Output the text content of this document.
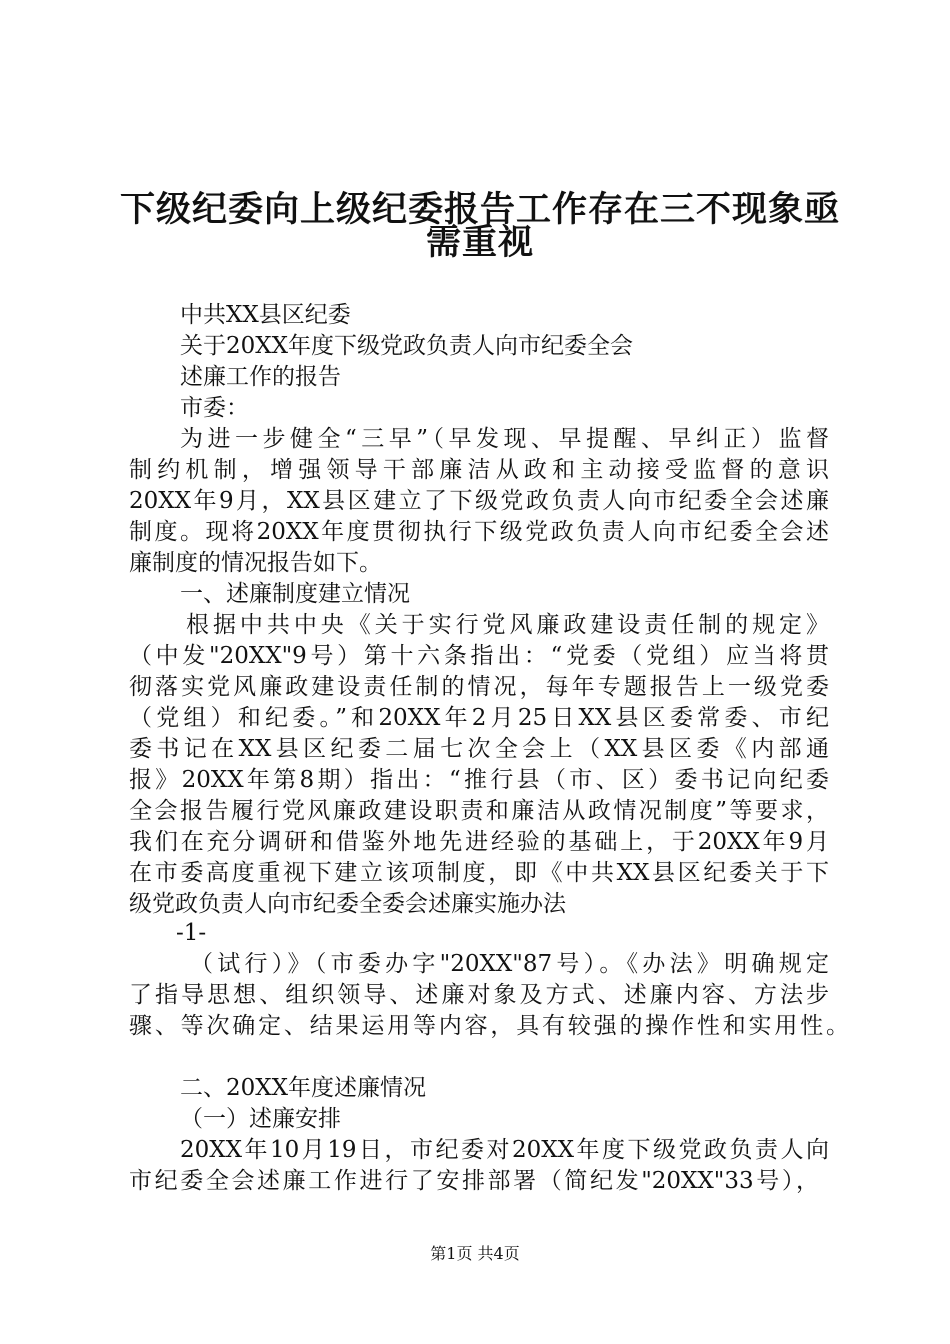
下级纪委向上级纪委报告工作存在三不现象亟
需重视
中共XX县区纪委
关于20XX年度下级党政负责人向市纪委全会
述廉工作的报告
市委：
为进一步健全“三早”（早发现、早提醒、早纠正）监督
制约机制，增强领导干部廉洁从政和主动接受监督的意识
20XX年9月，XX县区建立了下级党政负责人向市纪委全会述廉
制度。现将20XX年度贯彻执行下级党政负责人向市纪委全会述
廉制度的情况报告如下。
一、述廉制度建立情况
根据中共中央《关于实行党风廉政建设责任制的规定》
（中发"20XX"9号）第十六条指出：“党委（党组）应当将贯
彻落实党风廉政建设责任制的情况，每年专题报告上一级党委
（党组）和纪委。”和20XX年2月25日XX县区委常委、市纪
委书记在XX县区纪委二届七次全会上（XX县区委《内部通
报》20XX年第8期）指出：“推行县（市、区）委书记向纪委
全会报告履行党风廉政建设职责和廉洁从政情况制度”等要求，
我们在充分调研和借鉴外地先进经验的基础上，于20XX年9月
在市委高度重视下建立该项制度，即《中共XX县区纪委关于下
级党政负责人向市纪委全委会述廉实施办法
-1-
（试行）》（市委办字"20XX"87号）。《办法》明确规定
了指导思想、组织领导、述廉对象及方式、述廉内容、方法步
骤、等次确定、结果运用等内容，具有较强的操作性和实用性。
二、20XX年度述廉情况
（一）述廉安排
20XX年10月19日，市纪委对20XX年度下级党政负责人向
市纪委全会述廉工作进行了安排部署（简纪发"20XX"33号），
第1页 共4页
